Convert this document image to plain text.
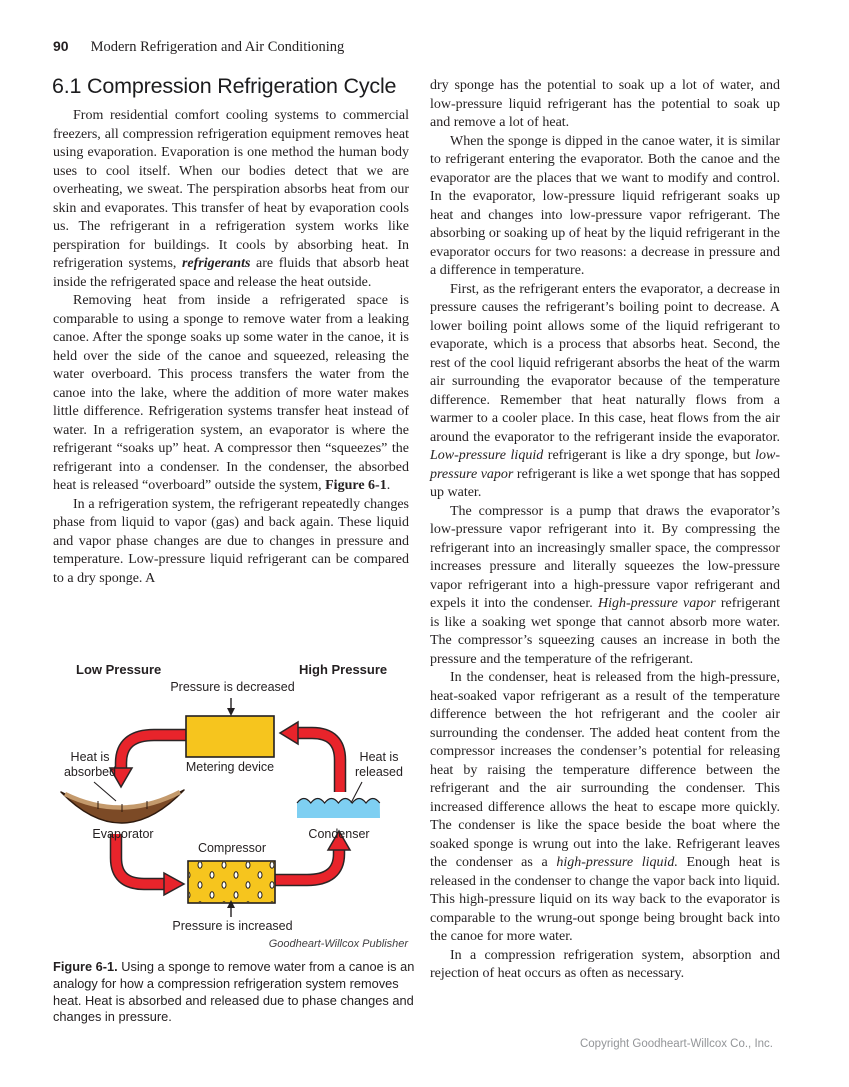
90 Modern Refrigeration and Air Conditioning
6.1 Compression Refrigeration Cycle

From residential comfort cooling systems to commercial freezers, all compression refrigeration equipment removes heat using evaporation. Evaporation is one method the human body uses to cool itself. When our bodies detect that we are overheating, we sweat. The perspiration absorbs heat from our skin and evaporates. This transfer of heat by evaporation cools us. The refrigerant in a refrigeration system works like perspiration for buildings. It cools by absorbing heat. In refrigeration systems, refrigerants are fluids that absorb heat inside the refrigerated space and release the heat outside.

Removing heat from inside a refrigerated space is comparable to using a sponge to remove water from a leaking canoe. After the sponge soaks up some water in the canoe, it is held over the side of the canoe and squeezed, releasing the water overboard. This process transfers the water from the canoe into the lake, where the addition of more water makes little difference. Refrigeration systems transfer heat instead of water. In a refrigeration system, an evaporator is where the refrigerant “soaks up” heat. A compressor then “squeezes” the refrigerant into a condenser. In the condenser, the absorbed heat is released “overboard” outside the system, Figure 6-1.

In a refrigeration system, the refrigerant repeatedly changes phase from liquid to vapor (gas) and back again. These liquid and vapor phase changes are due to changes in pressure and temperature. Low-pressure liquid refrigerant can be compared to a dry sponge. A

dry sponge has the potential to soak up a lot of water, and low-pressure liquid refrigerant has the potential to soak up and remove a lot of heat.

When the sponge is dipped in the canoe water, it is similar to refrigerant entering the evaporator. Both the canoe and the evaporator are the places that we want to modify and control. In the evaporator, low-pressure liquid refrigerant soaks up heat and changes into low-pressure vapor refrigerant. The absorbing or soaking up of heat by the liquid refrigerant in the evaporator occurs for two reasons: a decrease in pressure and a difference in temperature.

First, as the refrigerant enters the evaporator, a decrease in pressure causes the refrigerant’s boiling point to decrease. A lower boiling point allows some of the liquid refrigerant to evaporate, which is a process that absorbs heat. Second, the rest of the cool liquid refrigerant absorbs the heat of the warm air surrounding the evaporator because of the temperature difference. Remember that heat naturally flows from a warmer to a cooler place. In this case, heat flows from the air around the evaporator to the refrigerant inside the evaporator. Low-pressure liquid refrigerant is like a dry sponge, but low-pressure vapor refrigerant is like a wet sponge that has sopped up water.

The compressor is a pump that draws the evaporator’s low-pressure vapor refrigerant into it. By compressing the refrigerant into an increasingly smaller space, the compressor increases pressure and literally squeezes the low-pressure vapor refrigerant into a high-pressure vapor refrigerant and expels it into the condenser. High-pressure vapor refrigerant is like a soaking wet sponge that cannot absorb more water. The compressor’s squeezing causes an increase in both the pressure and the temperature of the refrigerant.

In the condenser, heat is released from the high-pressure, heat-soaked vapor refrigerant as a result of the temperature difference between the hot refrigerant and the cooler air surrounding the condenser. The added heat content from the compressor increases the condenser’s potential for releasing heat by raising the temperature difference between the refrigerant and the air surrounding the condenser. This increased difference allows the heat to escape more quickly. The condenser is like the space beside the boat where the soaked sponge is wrung out into the lake. Refrigerant leaves the condenser as a high-pressure liquid. Enough heat is released in the condenser to change the vapor back into liquid. This high-pressure liquid on its way back to the evaporator is comparable to the wrung-out sponge being brought back into the canoe for more water.

In a compression refrigeration system, absorption and rejection of heat occurs as often as necessary.

Low Pressure	High Pressure
Pressure is decreased
Metering device
Heat is absorbed
Evaporator
Heat is released
Condenser
Compressor
Pressure is increased
Goodheart-Willcox Publisher

Figure 6-1. Using a sponge to remove water from a canoe is an analogy for how a compression refrigeration system removes heat. Heat is absorbed and released due to phase changes and changes in pressure.

Copyright Goodheart-Willcox Co., Inc.
